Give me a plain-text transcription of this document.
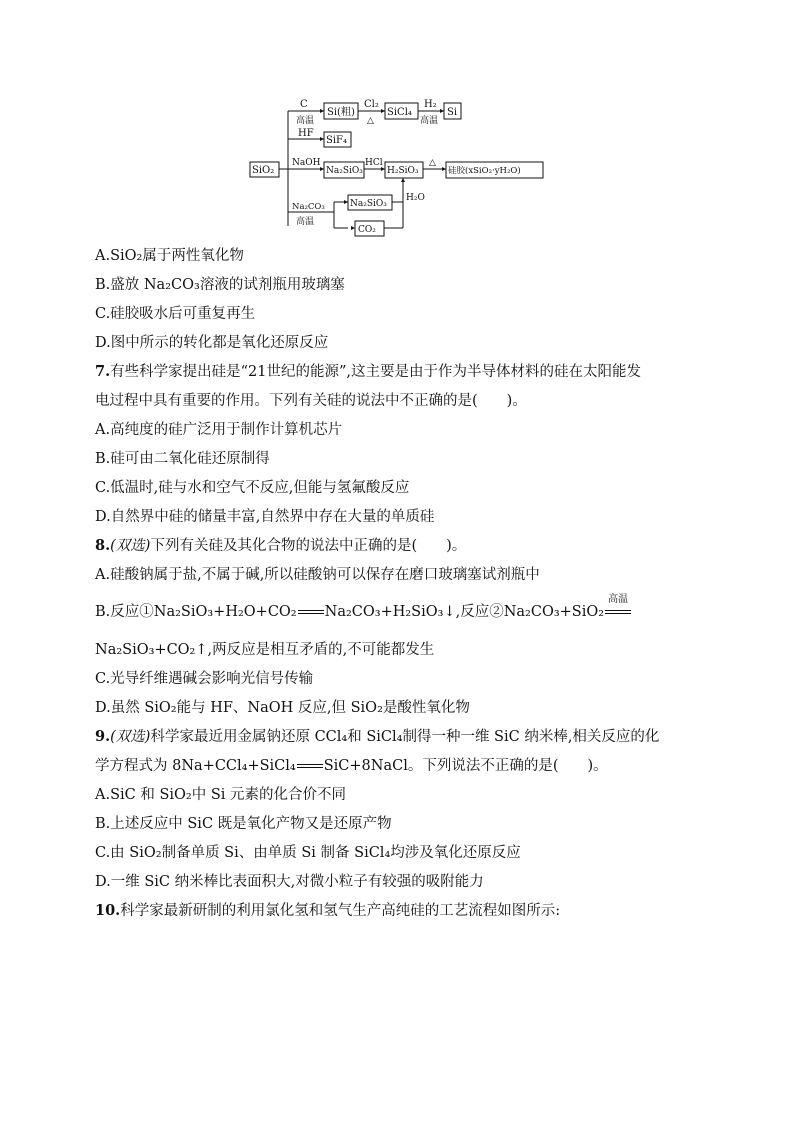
SiO₂
C
高温
Si(粗)
Cl₂
△
SiCl₄
H₂
高温
Si
HF
SiF₄
NaOH
Na₂SiO₃
HCl
H₂SiO₃
△
硅胶(xSiO₂·yH₂O)
Na₂CO₃
高温
Na₂SiO₃
CO₂
H₂O
A.SiO₂属于两性氧化物
B.盛放 Na₂CO₃溶液的试剂瓶用玻璃塞
C.硅胶吸水后可重复再生
D.图中所示的转化都是氧化还原反应
7.有些科学家提出硅是“21世纪的能源”,这主要是由于作为半导体材料的硅在太阳能发
电过程中具有重要的作用。下列有关硅的说法中不正确的是(　　)。
A.高纯度的硅广泛用于制作计算机芯片
B.硅可由二氧化硅还原制得
C.低温时,硅与水和空气不反应,但能与氢氟酸反应
D.自然界中硅的储量丰富,自然界中存在大量的单质硅
8.(双选)下列有关硅及其化合物的说法中正确的是(　　)。
A.硅酸钠属于盐,不属于碱,所以硅酸钠可以保存在磨口玻璃塞试剂瓶中
B.反应①Na₂SiO₃+H₂O+CO₂ Na₂CO₃+H₂SiO₃↓,反应②Na₂CO₃+SiO₂
高温
Na₂SiO₃+CO₂↑,两反应是相互矛盾的,不可能都发生
C.光导纤维遇碱会影响光信号传输
D.虽然 SiO₂能与 HF、NaOH 反应,但 SiO₂是酸性氧化物
9.(双选)科学家最近用金属钠还原 CCl₄和 SiCl₄制得一种一维 SiC 纳米棒,相关反应的化
学方程式为 8Na+CCl₄+SiCl₄ SiC+8NaCl。下列说法不正确的是(　　)。
A.SiC 和 SiO₂中 Si 元素的化合价不同
B.上述反应中 SiC 既是氧化产物又是还原产物
C.由 SiO₂制备单质 Si、由单质 Si 制备 SiCl₄均涉及氧化还原反应
D.一维 SiC 纳米棒比表面积大,对微小粒子有较强的吸附能力
10.科学家最新研制的利用氯化氢和氢气生产高纯硅的工艺流程如图所示:
